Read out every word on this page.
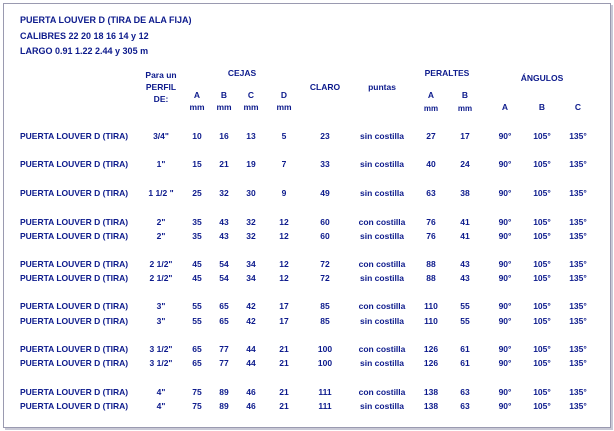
PUERTA LOUVER D (TIRA DE ALA FIJA)
CALIBRES 22 20 18 16 14 y 12
LARGO 0.91 1.22 2.44 y 305 m
Para un
PERFIL
DE:
CEJAS
A B C	D
mm mm mm mm
CLARO	puntas
PERALTES
A	B
mm mm
ÁNGULOS
A	B	C
PUERTA LOUVER D (TIRA)	3/4"	10 16 13	5	23	sin costilla	27	17	90°	105° 135°
PUERTA LOUVER D (TIRA)	1"	15 21 19	7	33	sin costilla	40	24	90°	105° 135°
PUERTA LOUVER D (TIRA) 1 1/2 " 25 32 30	9	49	sin costilla	63	38	90°	105° 135°
PUERTA LOUVER D (TIRA)	2"	35 43 32	12	60	con costilla 76	41	90°	105° 135°
PUERTA LOUVER D (TIRA)	2"	35 43 32	12	60	sin costilla	76	41	90°	105° 135°
PUERTA LOUVER D (TIRA)	2 1/2" 45 54 34	12	72	con costilla 88	43	90°	105° 135°
PUERTA LOUVER D (TIRA)	2 1/2" 45 54 34	12	72	sin costilla	88	43	90°	105° 135°
PUERTA LOUVER D (TIRA)	3"	55 65 42	17	85	con costilla 110	55	90°	105° 135°
PUERTA LOUVER D (TIRA)	3"	55 65 42	17	85	sin costilla 110	55	90°	105° 135°
PUERTA LOUVER D (TIRA)	3 1/2" 65 77 44	21	100	con costilla 126	61	90°	105° 135°
PUERTA LOUVER D (TIRA)	3 1/2" 65 77 44	21	100	sin costilla 126	61	90°	105° 135°
PUERTA LOUVER D (TIRA)	4"	75 89 46	21	111	con costilla 138	63	90°	105° 135°
PUERTA LOUVER D (TIRA)	4"	75 89 46	21	111	sin costilla 138	63	90°	105° 135°
